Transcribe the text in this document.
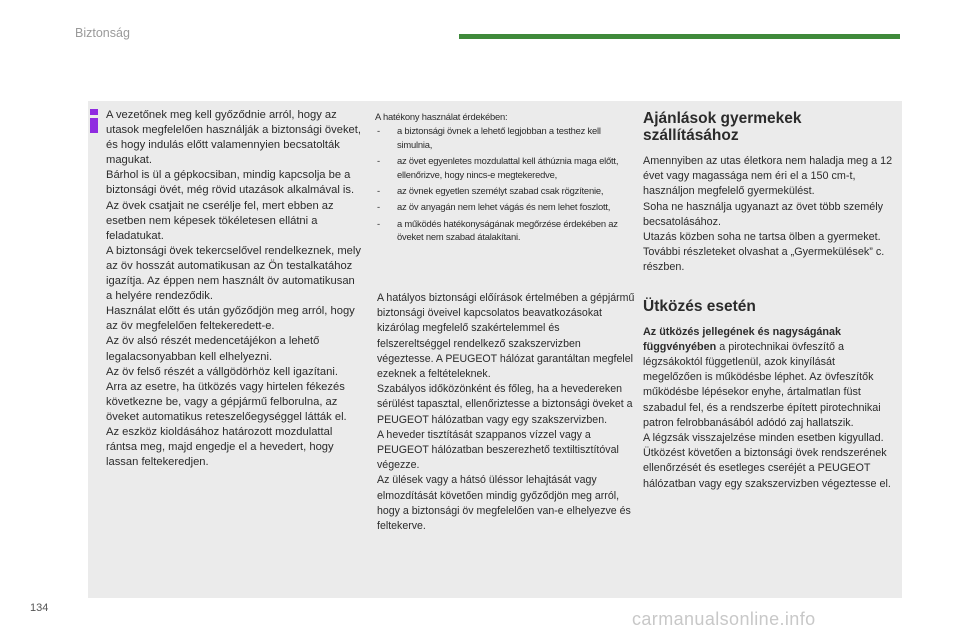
Biztonság

A vezetőnek meg kell győződnie arról, hogy az utasok megfelelően használják a biztonsági öveket, és hogy indulás előtt valamennyien becsatolták magukat.

Bárhol is ül a gépkocsiban, mindig kapcsolja be a biztonsági övét, még rövid utazások alkalmával is.

Az övek csatjait ne cserélje fel, mert ebben az esetben nem képesek tökéletesen ellátni a feladatukat.

A biztonsági övek tekercselővel rendelkeznek, mely az öv hosszát automatikusan az Ön testalkatához igazítja. Az éppen nem használt öv automatikusan a helyére rendeződik.

Használat előtt és után győződjön meg arról, hogy az öv megfelelően feltekeredett-e.

Az öv alsó részét medencetájékon a lehető legalacsonyabban kell elhelyezni.

Az öv felső részét a vállgödörhöz kell igazítani.

Arra az esetre, ha ütközés vagy hirtelen fékezés következne be, vagy a gépjármű felborulna, az öveket automatikus reteszelőegységgel látták el. Az eszköz kioldásához határozott mozdulattal rántsa meg, majd engedje el a hevedert, hogy lassan feltekeredjen.

A hatékony használat érdekében:

- a biztonsági övnek a lehető legjobban a testhez kell simulnia,
- az övet egyenletes mozdulattal kell áthúznia maga előtt, ellenőrizve, hogy nincs-e megtekeredve,
- az övnek egyetlen személyt szabad csak rögzítenie,
- az öv anyagán nem lehet vágás és nem lehet foszlott,
- a működés hatékonyságának megőrzése érdekében az öveket nem szabad átalakítani.

A hatályos biztonsági előírások értelmében a gépjármű biztonsági öveivel kapcsolatos beavatkozásokat kizárólag megfelelő szakértelemmel és felszereltséggel rendelkező szakszervizben végeztesse. A PEUGEOT hálózat garantáltan megfelel ezeknek a feltételeknek.

Szabályos időközönként és főleg, ha a hevedereken sérülést tapasztal, ellenőriztesse a biztonsági öveket a PEUGEOT hálózatban vagy egy szakszervizben.

A heveder tisztítását szappanos vízzel vagy a PEUGEOT hálózatban beszerezhető textiltisztítóval végezze.

Az ülések vagy a hátsó üléssor lehajtását vagy elmozdítását követően mindig győződjön meg arról, hogy a biztonsági öv megfelelően van-e elhelyezve és feltekerve.

Ajánlások gyermekek szállításához

Amennyiben az utas életkora nem haladja meg a 12 évet vagy magassága nem éri el a 150 cm-t, használjon megfelelő gyermekülést.

Soha ne használja ugyanazt az övet több személy becsatolásához.

Utazás közben soha ne tartsa ölben a gyermeket.

További részleteket olvashat a „Gyermekülések” c. részben.

Ütközés esetén

Az ütközés jellegének és nagyságának függvényében a pirotechnikai övfeszítő a légzsákoktól függetlenül, azok kinyílását megelőzően is működésbe léphet. Az övfeszítők működésbe lépésekor enyhe, ártalmatlan füst szabadul fel, és a rendszerbe épített pirotechnikai patron felrobbanásából adódó zaj hallatszik.

A légzsák visszajelzése minden esetben kigyullad.

Ütközést követően a biztonsági övek rendszerének ellenőrzését és esetleges cseréjét a PEUGEOT hálózatban vagy egy szakszervizben végeztesse el.

134
carmanualsonline.info
